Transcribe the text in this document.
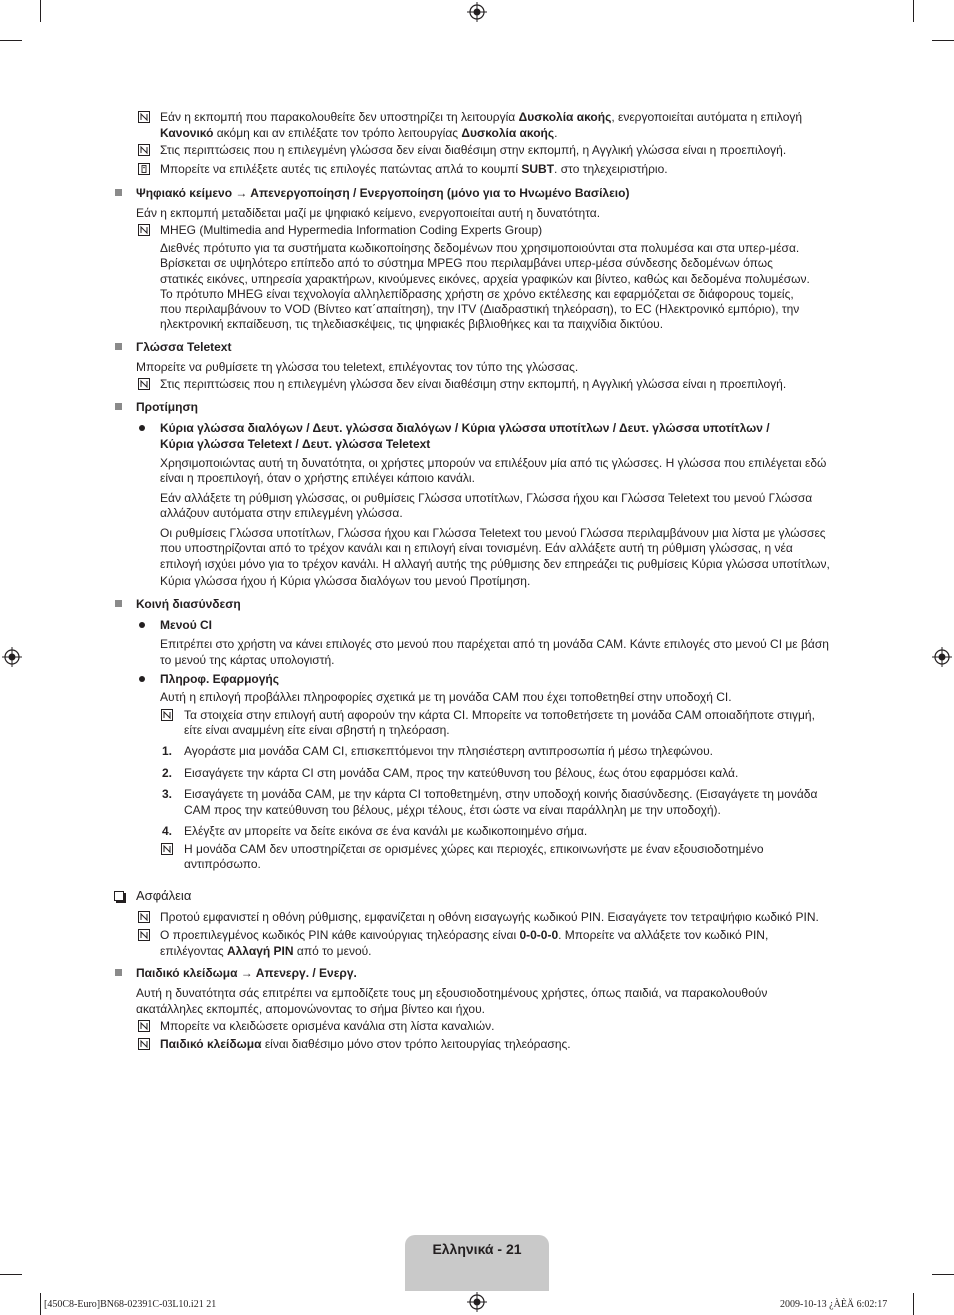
Εάν η εκπομπή που παρακολουθείτε δεν υποστηρίζει τη λειτουργία Δυσκολία ακοής, ενεργοποιείται αυτόματα η επιλογή
Κανονικό ακόμη και αν επιλέξατε τον τρόπο λειτουργίας Δυσκολία ακοής.
Στις περιπτώσεις που η επιλεγμένη γλώσσα δεν είναι διαθέσιμη στην εκπομπή, η Αγγλική γλώσσα είναι η προεπιλογή.
Μπορείτε να επιλέξετε αυτές τις επιλογές πατώντας απλά το κουμπί SUBT. στο τηλεχειριστήριο.
Ψηφιακό κείμενο → Απενεργοποίηση / Ενεργοποίηση (μόνο για το Ηνωμένο Βασίλειο)
Εάν η εκπομπή μεταδίδεται μαζί με ψηφιακό κείμενο, ενεργοποιείται αυτή η δυνατότητα.
MHEG (Multimedia and Hypermedia Information Coding Experts Group)
Διεθνές πρότυπο για τα συστήματα κωδικοποίησης δεδομένων που χρησιμοποιούνται στα πολυμέσα και στα υπερ-μέσα.
Βρίσκεται σε υψηλότερο επίπεδο από το σύστημα MPEG που περιλαμβάνει υπερ-μέσα σύνδεσης δεδομένων όπως
στατικές εικόνες, υπηρεσία χαρακτήρων, κινούμενες εικόνες, αρχεία γραφικών και βίντεο, καθώς και δεδομένα πολυμέσων.
Το πρότυπο MHEG είναι τεχνολογία αλληλεπίδρασης χρήστη σε χρόνο εκτέλεσης και εφαρμόζεται σε διάφορους τομείς,
που περιλαμβάνουν το VOD (Βίντεο κατ΄απαίτηση), την ITV (Διαδραστική τηλεόραση), το EC (Ηλεκτρονικό εμπόριο), την
ηλεκτρονική εκπαίδευση, τις τηλεδιασκέψεις, τις ψηφιακές βιβλιοθήκες και τα παιχνίδια δικτύου.
Γλώσσα Teletext
Μπορείτε να ρυθμίσετε τη γλώσσα του teletext, επιλέγοντας τον τύπο της γλώσσας.
Στις περιπτώσεις που η επιλεγμένη γλώσσα δεν είναι διαθέσιμη στην εκπομπή, η Αγγλική γλώσσα είναι η προεπιλογή.
Προτίμηση
Κύρια γλώσσα διαλόγων / Δευτ. γλώσσα διαλόγων / Κύρια γλώσσα υποτίτλων / Δευτ. γλώσσα υποτίτλων /
Κύρια γλώσσα Teletext / Δευτ. γλώσσα Teletext
Χρησιμοποιώντας αυτή τη δυνατότητα, οι χρήστες μπορούν να επιλέξουν μία από τις γλώσσες. Η γλώσσα που επιλέγεται εδώ
είναι η προεπιλογή, όταν ο χρήστης επιλέγει κάποιο κανάλι.
Εάν αλλάξετε τη ρύθμιση γλώσσας, οι ρυθμίσεις Γλώσσα υποτίτλων, Γλώσσα ήχου και Γλώσσα Teletext του μενού Γλώσσα
αλλάζουν αυτόματα στην επιλεγμένη γλώσσα.
Οι ρυθμίσεις Γλώσσα υποτίτλων, Γλώσσα ήχου και Γλώσσα Teletext του μενού Γλώσσα περιλαμβάνουν μια λίστα με γλώσσες
που υποστηρίζονται από το τρέχον κανάλι και η επιλογή είναι τονισμένη. Εάν αλλάξετε αυτή τη ρύθμιση γλώσσας, η νέα
επιλογή ισχύει μόνο για το τρέχον κανάλι. Η αλλαγή αυτής της ρύθμισης δεν επηρεάζει τις ρυθμίσεις Κύρια γλώσσα υποτίτλων,
Κύρια γλώσσα ήχου ή Κύρια γλώσσα διαλόγων του μενού Προτίμηση.
Κοινή διασύνδεση
Μενού CI
Επιτρέπει στο χρήστη να κάνει επιλογές στο μενού που παρέχεται από τη μονάδα CAM. Κάντε επιλογές στο μενού CI με βάση
το μενού της κάρτας υπολογιστή.
Πληροφ. Εφαρμογής
Αυτή η επιλογή προβάλλει πληροφορίες σχετικά με τη μονάδα CAM που έχει τοποθετηθεί στην υποδοχή CI.
Τα στοιχεία στην επιλογή αυτή αφορούν την κάρτα CI. Μπορείτε να τοποθετήσετε τη μονάδα CAM οποιαδήποτε στιγμή,
είτε είναι αναμμένη είτε είναι σβηστή η τηλεόραση.
1. Αγοράστε μια μονάδα CAM CI, επισκεπτόμενοι την πλησιέστερη αντιπροσωπία ή μέσω τηλεφώνου.
2. Εισαγάγετε την κάρτα CI στη μονάδα CAM, προς την κατεύθυνση του βέλους, έως ότου εφαρμόσει καλά.
3. Εισαγάγετε τη μονάδα CAM, με την κάρτα CI τοποθετημένη, στην υποδοχή κοινής διασύνδεσης. (Εισαγάγετε τη μονάδα
CAM προς την κατεύθυνση του βέλους, μέχρι τέλους, έτσι ώστε να είναι παράλληλη με την υποδοχή).
4. Ελέγξτε αν μπορείτε να δείτε εικόνα σε ένα κανάλι με κωδικοποιημένο σήμα.
Η μονάδα CAM δεν υποστηρίζεται σε ορισμένες χώρες και περιοχές, επικοινωνήστε με έναν εξουσιοδοτημένο
αντιπρόσωπο.
Ασφάλεια
Προτού εμφανιστεί η οθόνη ρύθμισης, εμφανίζεται η οθόνη εισαγωγής κωδικού PIN. Εισαγάγετε τον τετραψήφιο κωδικό PIN.
Ο προεπιλεγμένος κωδικός PIN κάθε καινούργιας τηλεόρασης είναι 0-0-0-0. Μπορείτε να αλλάξετε τον κωδικό PIN,
επιλέγοντας Αλλαγή PIN από το μενού.
Παιδικό κλείδωμα → Απενεργ. / Ενεργ.
Αυτή η δυνατότητα σάς επιτρέπει να εμποδίζετε τους μη εξουσιοδοτημένους χρήστες, όπως παιδιά, να παρακολουθούν
ακατάλληλες εκπομπές, απομονώνοντας το σήμα βίντεο και ήχου.
Μπορείτε να κλειδώσετε ορισμένα κανάλια στη λίστα καναλιών.
Παιδικό κλείδωμα είναι διαθέσιμο μόνο στον τρόπο λειτουργίας τηλεόρασης.
Ελληνικά - 21
[450C8-Euro]BN68-02391C-03L10.i21 21	2009-10-13 ¿ÀÈÄ 6:02:17
